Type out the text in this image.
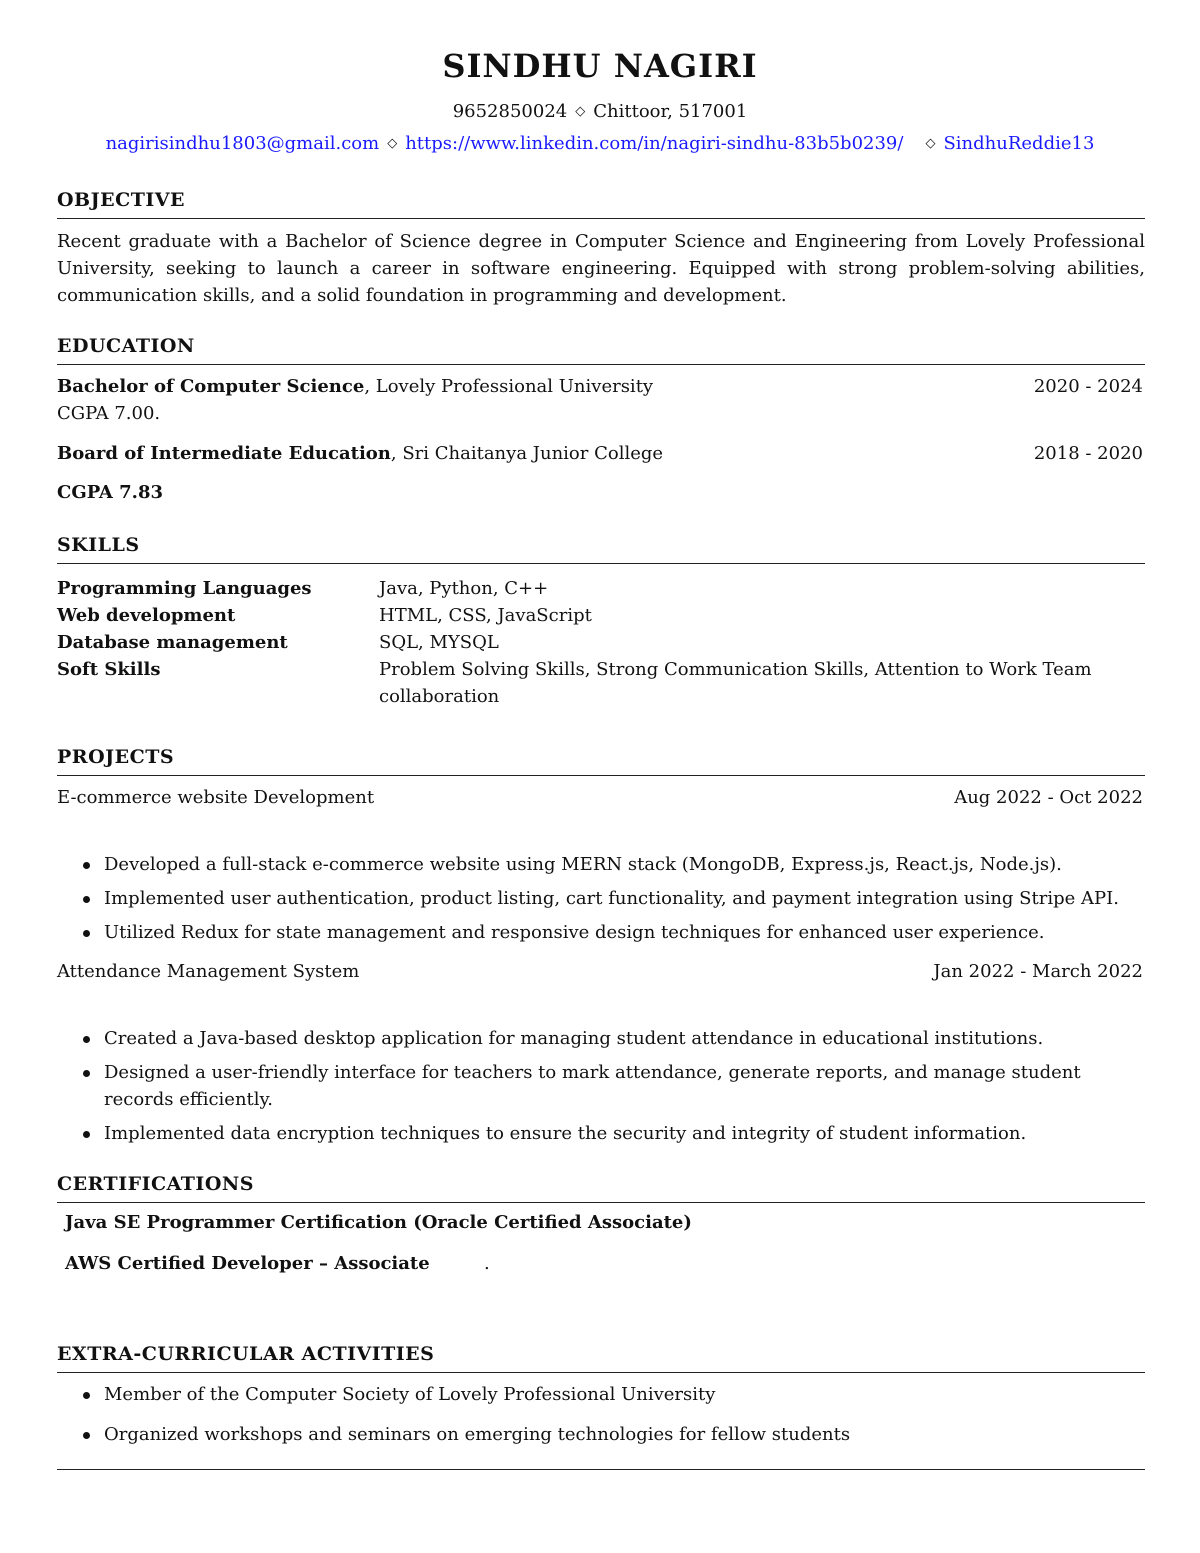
SINDHU NAGIRI
9652850024 ◇ Chittoor, 517001
nagirisindhu1803@gmail.com ◇ https://www.linkedin.com/in/nagiri-sindhu-83b5b0239/ ◇ SindhuReddie13
OBJECTIVE
Recent graduate with a Bachelor of Science degree in Computer Science and Engineering from Lovely Professional University, seeking to launch a career in software engineering. Equipped with strong problem-solving abilities, communication skills, and a solid foundation in programming and development.
EDUCATION
Bachelor of Computer Science, Lovely Professional University	2020 - 2024
CGPA 7.00.
Board of Intermediate Education, Sri Chaitanya Junior College	2018 - 2020
CGPA 7.83
SKILLS
Programming Languages	Java, Python, C++
Web development	HTML, CSS, JavaScript
Database management	SQL, MYSQL
Soft Skills	Problem Solving Skills, Strong Communication Skills, Attention to Work Team collaboration
PROJECTS
E-commerce website Development	Aug 2022 - Oct 2022
Developed a full-stack e-commerce website using MERN stack (MongoDB, Express.js, React.js, Node.js).
Implemented user authentication, product listing, cart functionality, and payment integration using Stripe API.
Utilized Redux for state management and responsive design techniques for enhanced user experience.
Attendance Management System	Jan 2022 - March 2022
Created a Java-based desktop application for managing student attendance in educational institutions.
Designed a user-friendly interface for teachers to mark attendance, generate reports, and manage student records efficiently.
Implemented data encryption techniques to ensure the security and integrity of student information.
CERTIFICATIONS
Java SE Programmer Certification (Oracle Certified Associate)
AWS Certified Developer – Associate	.
EXTRA-CURRICULAR ACTIVITIES
Member of the Computer Society of Lovely Professional University
Organized workshops and seminars on emerging technologies for fellow students
